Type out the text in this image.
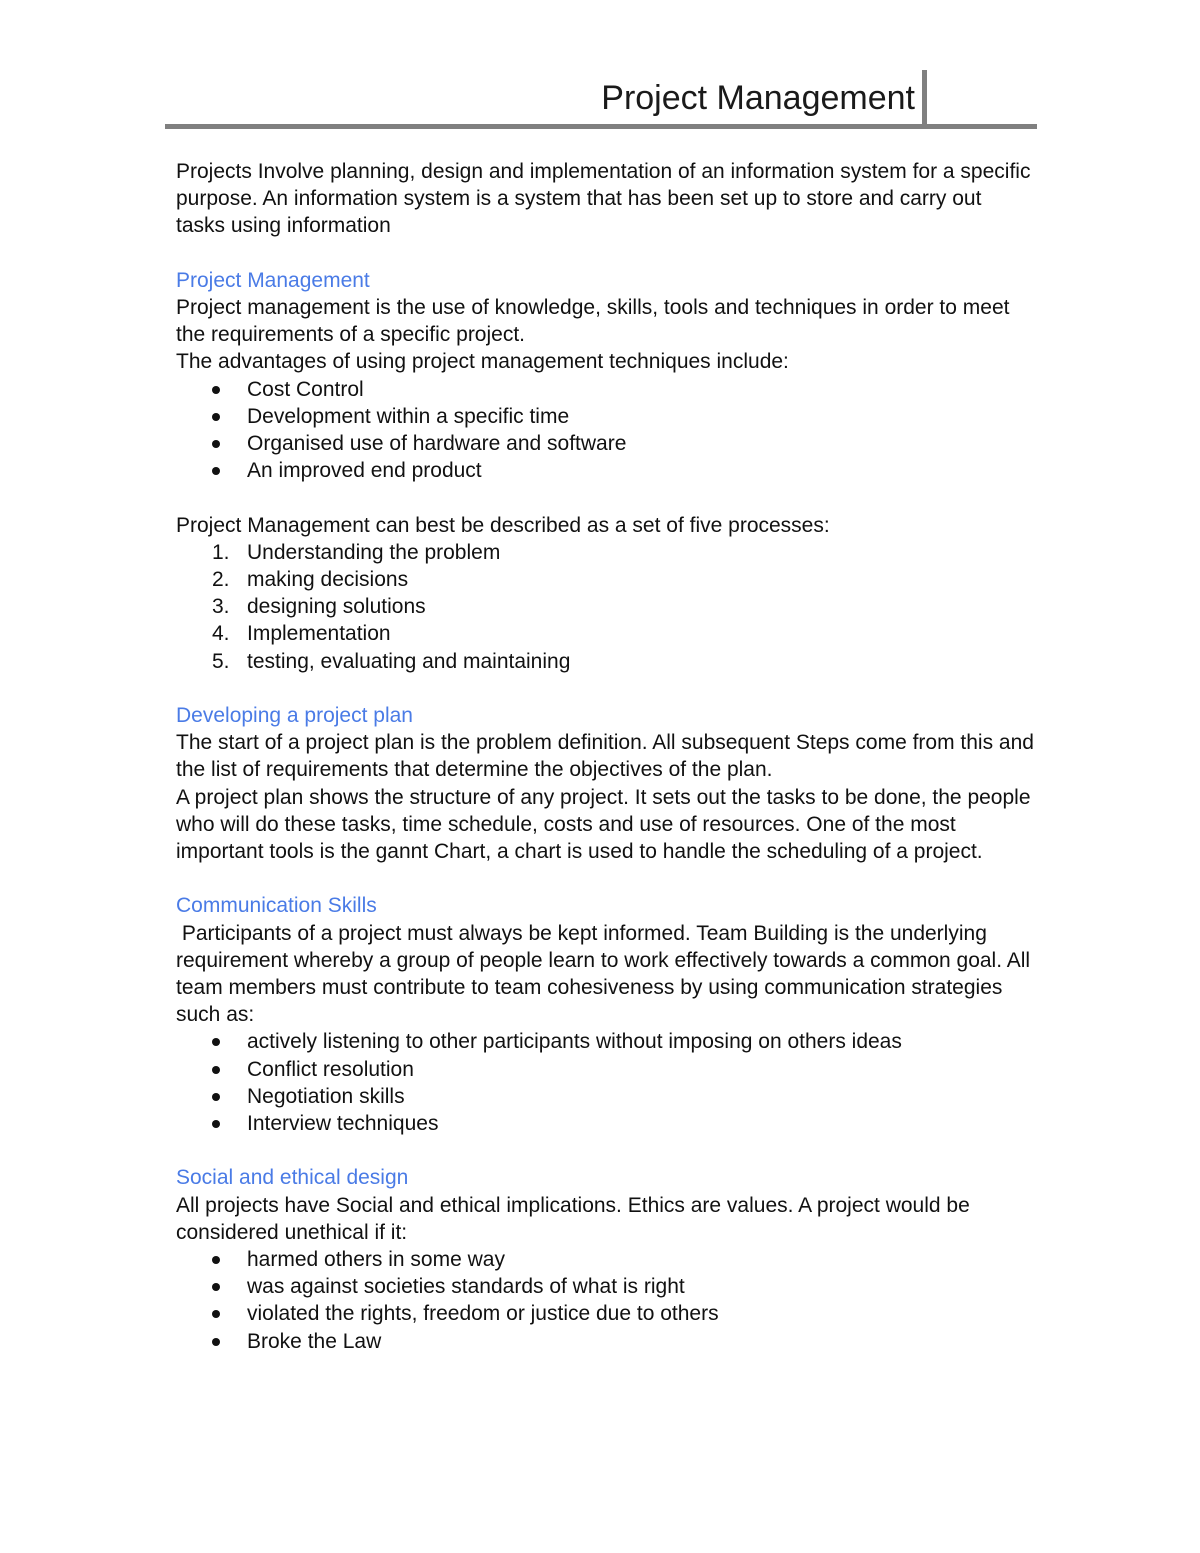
Project Management

Projects Involve planning, design and implementation of an information system for a specific purpose. An information system is a system that has been set up to store and carry out tasks using information

Project Management

Project management is the use of knowledge, skills, tools and techniques in order to meet the requirements of a specific project.

The advantages of using project management techniques include:

Cost Control
Development within a specific time
Organised use of hardware and software
An improved end product

Project Management can best be described as a set of five processes:

1. Understanding the problem
2. making decisions
3. designing solutions
4. Implementation
5. testing, evaluating and maintaining

Developing a project plan

The start of a project plan is the problem definition. All subsequent Steps come from this and the list of requirements that determine the objectives of the plan.

A project plan shows the structure of any project. It sets out the tasks to be done, the people who will do these tasks, time schedule, costs and use of resources. One of the most important tools is the gannt Chart, a chart is used to handle the scheduling of a project.

Communication Skills

Participants of a project must always be kept informed. Team Building is the underlying requirement whereby a group of people learn to work effectively towards a common goal. All team members must contribute to team cohesiveness by using communication strategies such as:

actively listening to other participants without imposing on others ideas
Conflict resolution
Negotiation skills
Interview techniques

Social and ethical design

All projects have Social and ethical implications. Ethics are values. A project would be considered unethical if it:

harmed others in some way
was against societies standards of what is right
violated the rights, freedom or justice due to others
Broke the Law
